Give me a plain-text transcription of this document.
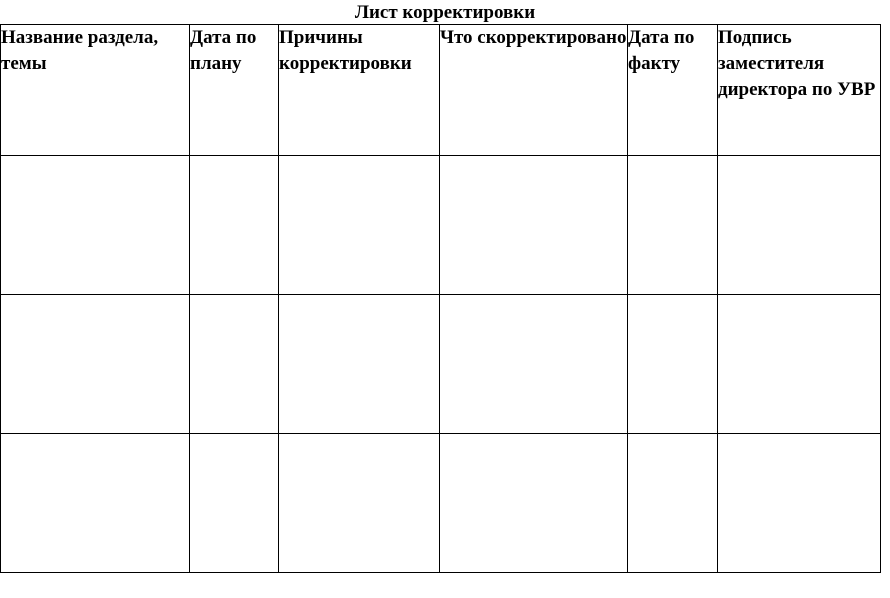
Лист корректировки
Название раздела, темы	Дата по плану	Причины корректировки	Что скорректировано	Дата по факту	Подпись заместителя директора по УВР
